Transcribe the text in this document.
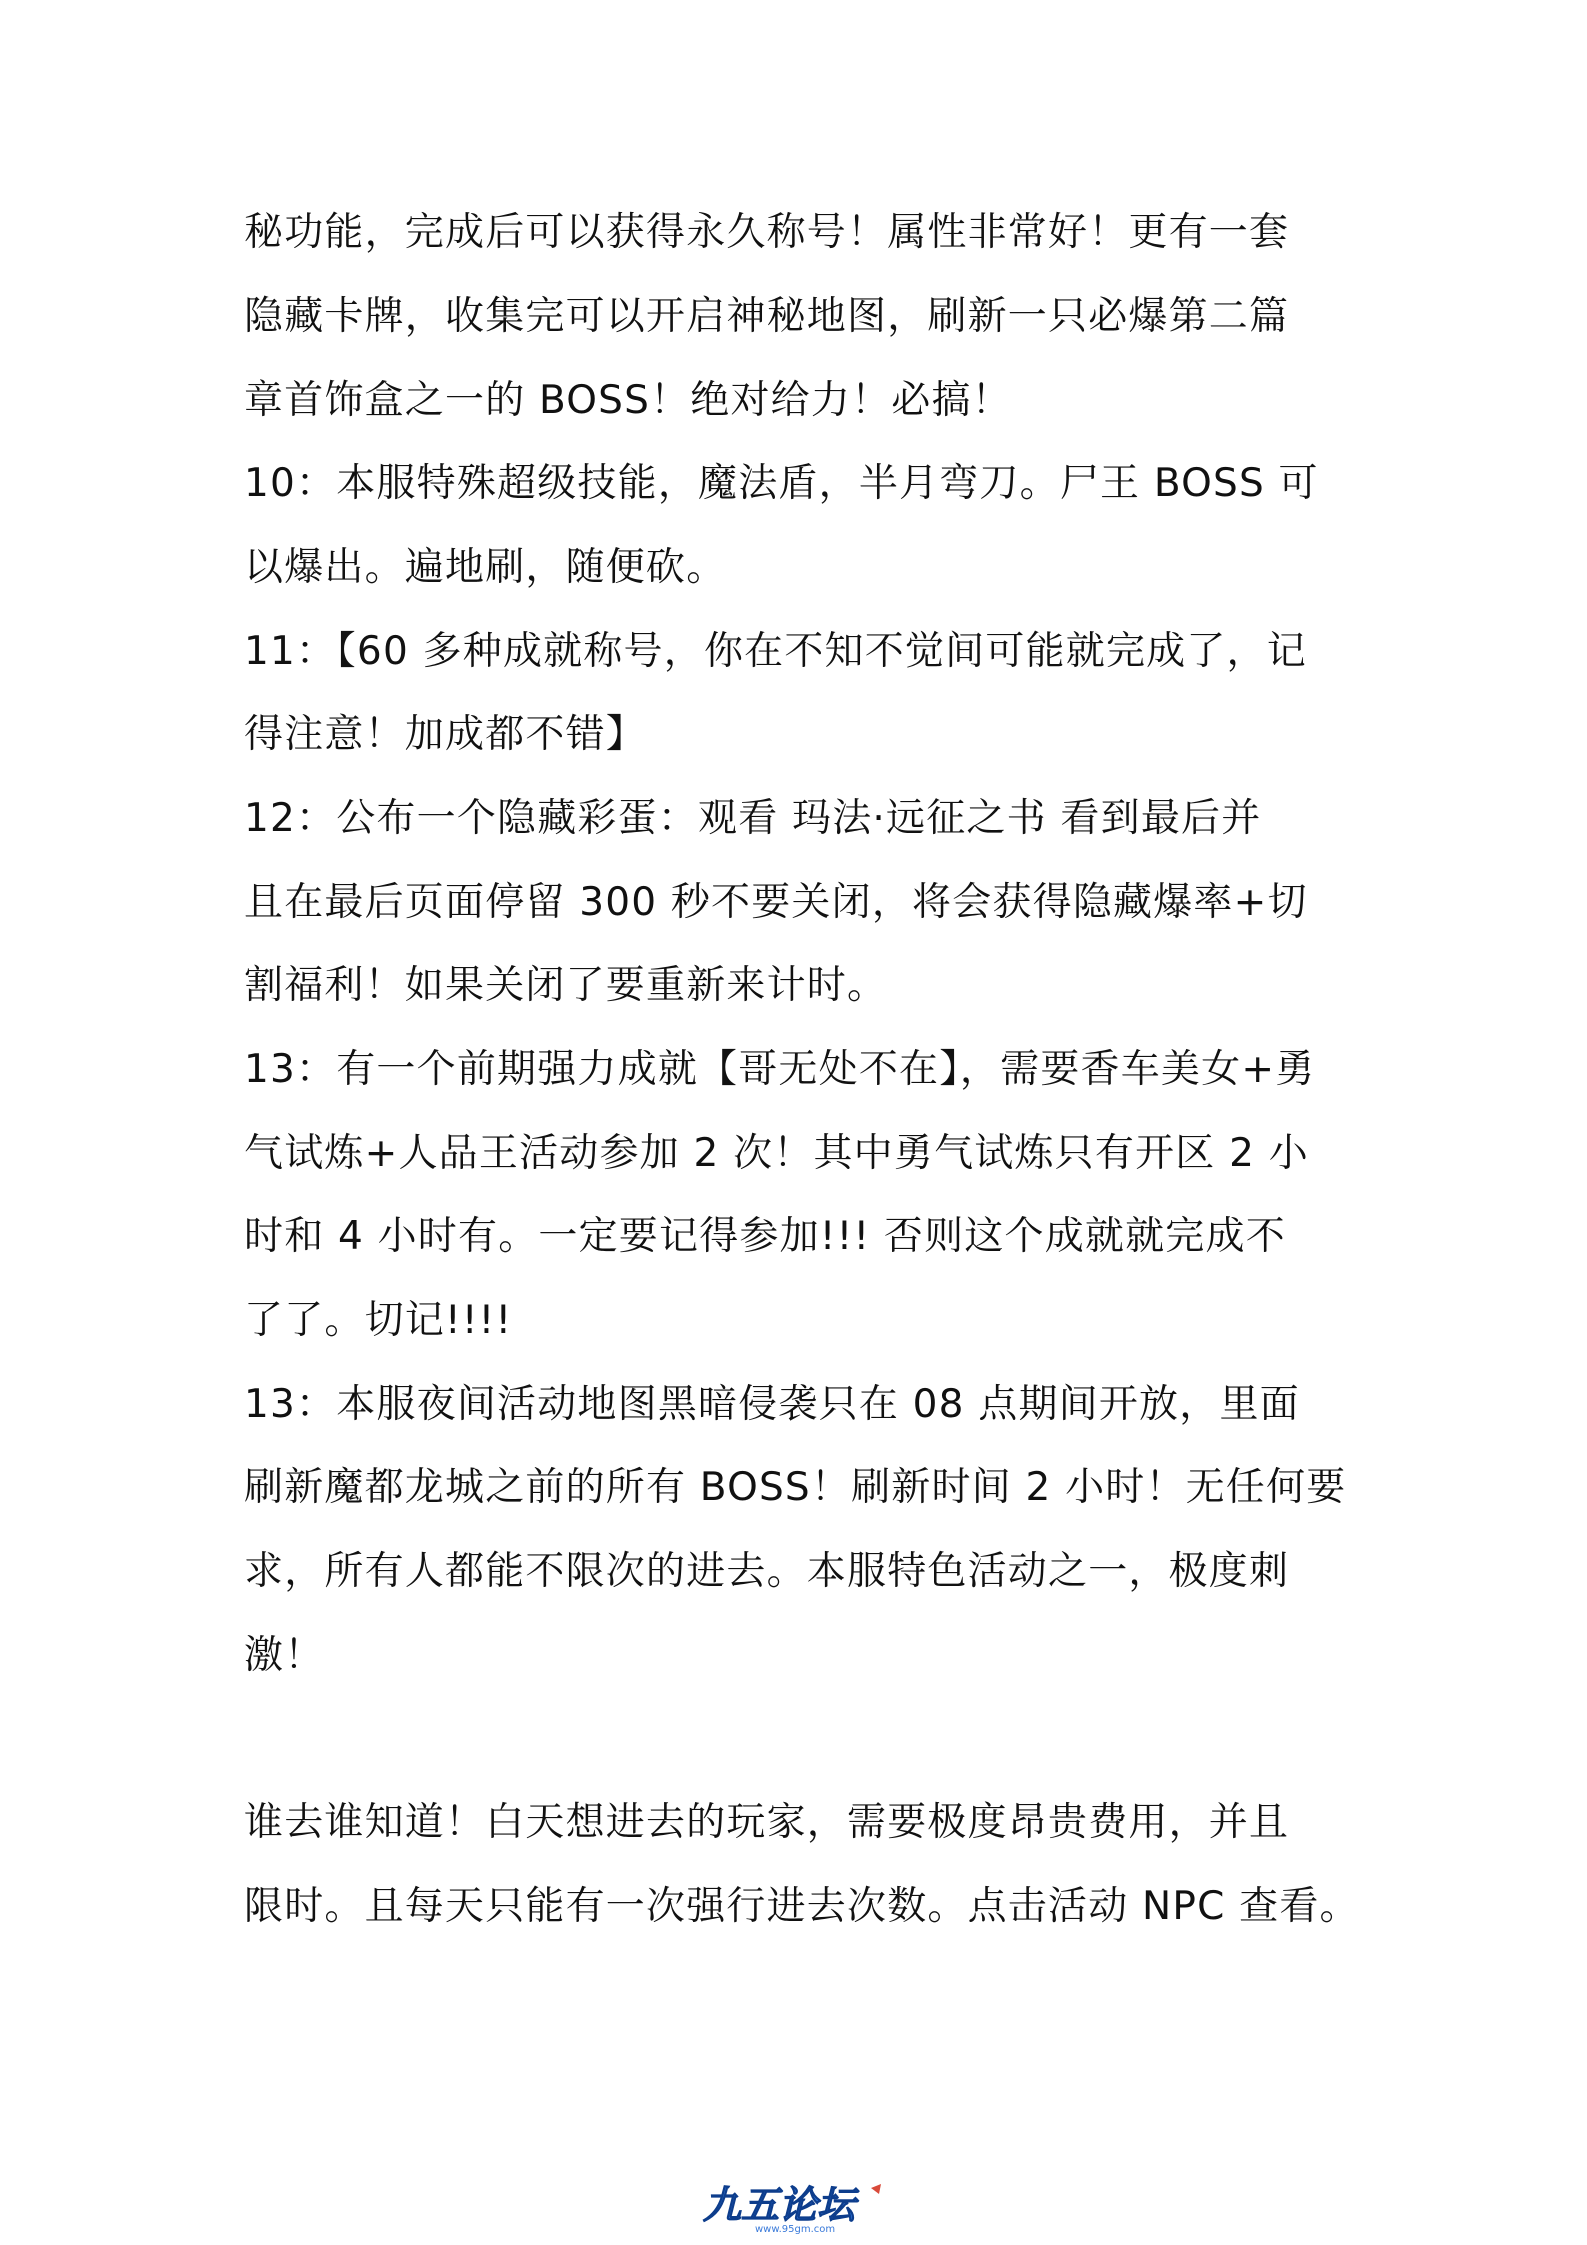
秘功能，完成后可以获得永久称号！属性非常好！更有一套
隐藏卡牌，收集完可以开启神秘地图，刷新一只必爆第二篇
章首饰盒之一的 BOSS！绝对给力！必搞！
10：本服特殊超级技能，魔法盾，半月弯刀。尸王 BOSS 可
以爆出。遍地刷，随便砍。
11：【60 多种成就称号，你在不知不觉间可能就完成了，记
得注意！加成都不错】
12：公布一个隐藏彩蛋：观看 玛法·远征之书 看到最后并
且在最后页面停留 300 秒不要关闭，将会获得隐藏爆率+切
割福利！如果关闭了要重新来计时。
13：有一个前期强力成就【哥无处不在】，需要香车美女+勇
气试炼+人品王活动参加 2 次！其中勇气试炼只有开区 2 小
时和 4 小时有。一定要记得参加!!! 否则这个成就就完成不
了了。切记!!!!
13：本服夜间活动地图黑暗侵袭只在 08 点期间开放，里面
刷新魔都龙城之前的所有 BOSS！刷新时间 2 小时！无任何要
求，所有人都能不限次的进去。本服特色活动之一，极度刺
激！
谁去谁知道！白天想进去的玩家，需要极度昂贵费用，并且
限时。且每天只能有一次强行进去次数。点击活动 NPC 查看。
九五论坛
www.95gm.com
